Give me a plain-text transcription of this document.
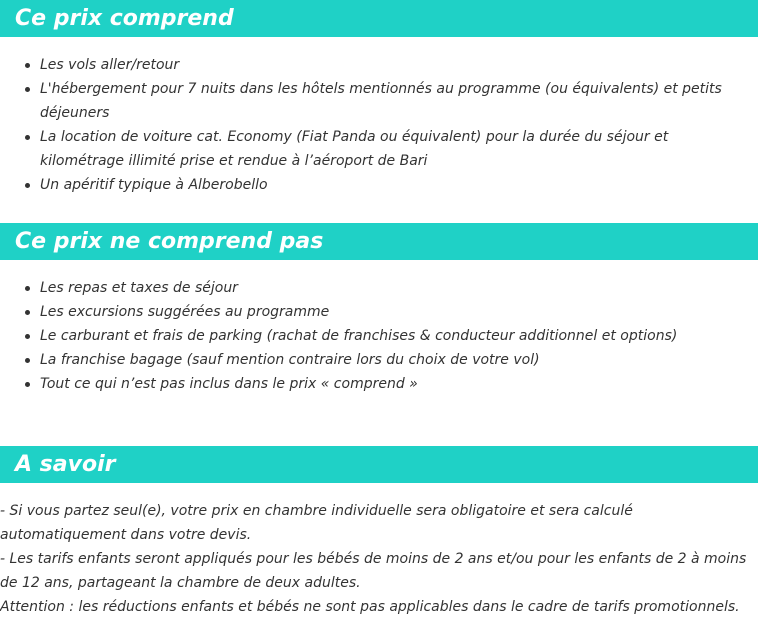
Ce prix comprend
Les vols aller/retour
L'hébergement pour 7 nuits dans les hôtels mentionnés au programme (ou équivalents) et petits déjeuners
La location de voiture cat. Economy (Fiat Panda ou équivalent) pour la durée du séjour et kilométrage illimité prise et rendue à l’aéroport de Bari
Un apéritif typique à Alberobello
Ce prix ne comprend pas
Les repas et taxes de séjour
Les excursions suggérées au programme
Le carburant et frais de parking (rachat de franchises & conducteur additionnel et options)
La franchise bagage (sauf mention contraire lors du choix de votre vol)
Tout ce qui n’est pas inclus dans le prix « comprend »
A savoir

- Si vous partez seul(e), votre prix en chambre individuelle sera obligatoire et sera calculé automatiquement dans votre devis.

- Les tarifs enfants seront appliqués pour les bébés de moins de 2 ans et/ou pour les enfants de 2 à moins de 12 ans, partageant la chambre de deux adultes.

Attention : les réductions enfants et bébés ne sont pas applicables dans le cadre de tarifs promotionnels.
